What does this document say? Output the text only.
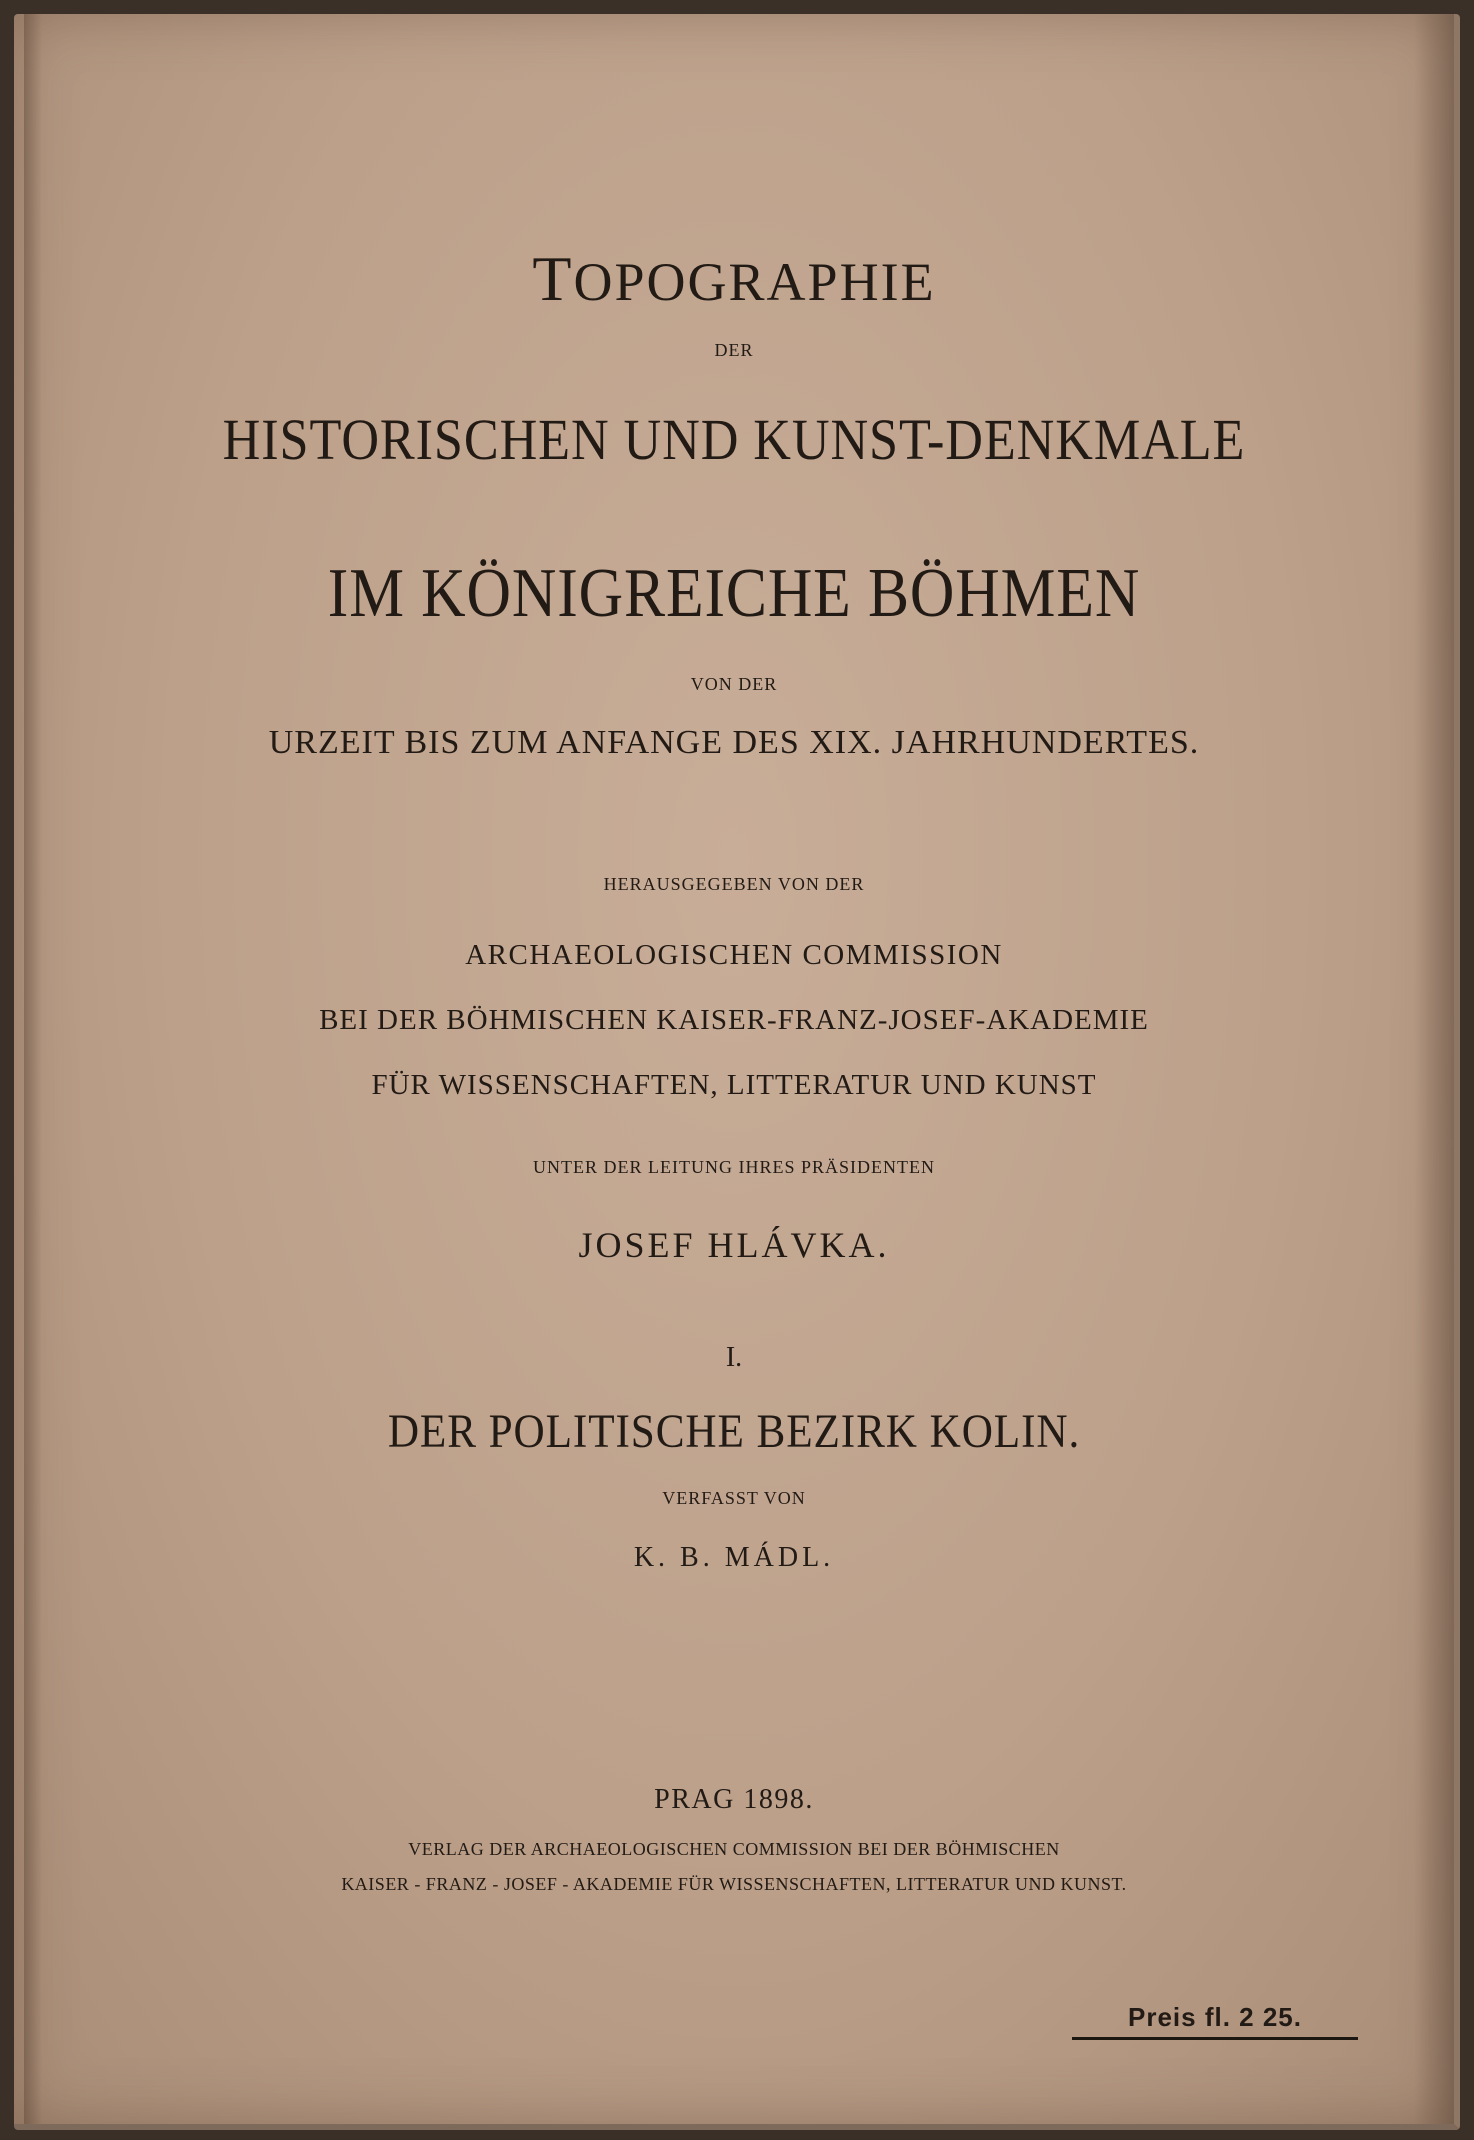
TOPOGRAPHIE
DER
HISTORISCHEN UND KUNST-DENKMALE
IM KÖNIGREICHE BÖHMEN
VON DER
URZEIT BIS ZUM ANFANGE DES XIX. JAHRHUNDERTES.
HERAUSGEGEBEN VON DER
ARCHAEOLOGISCHEN COMMISSION
BEI DER BÖHMISCHEN KAISER-FRANZ-JOSEF-AKADEMIE
FÜR WISSENSCHAFTEN, LITTERATUR UND KUNST
UNTER DER LEITUNG IHRES PRÄSIDENTEN
JOSEF HLÁVKA.
I.
DER POLITISCHE BEZIRK KOLIN.
VERFASST VON
K. B. MÁDL.
PRAG 1898.
VERLAG DER ARCHAEOLOGISCHEN COMMISSION BEI DER BÖHMISCHEN
KAISER - FRANZ - JOSEF - AKADEMIE FÜR WISSENSCHAFTEN, LITTERATUR UND KUNST.
Preis fl. 2 25.
